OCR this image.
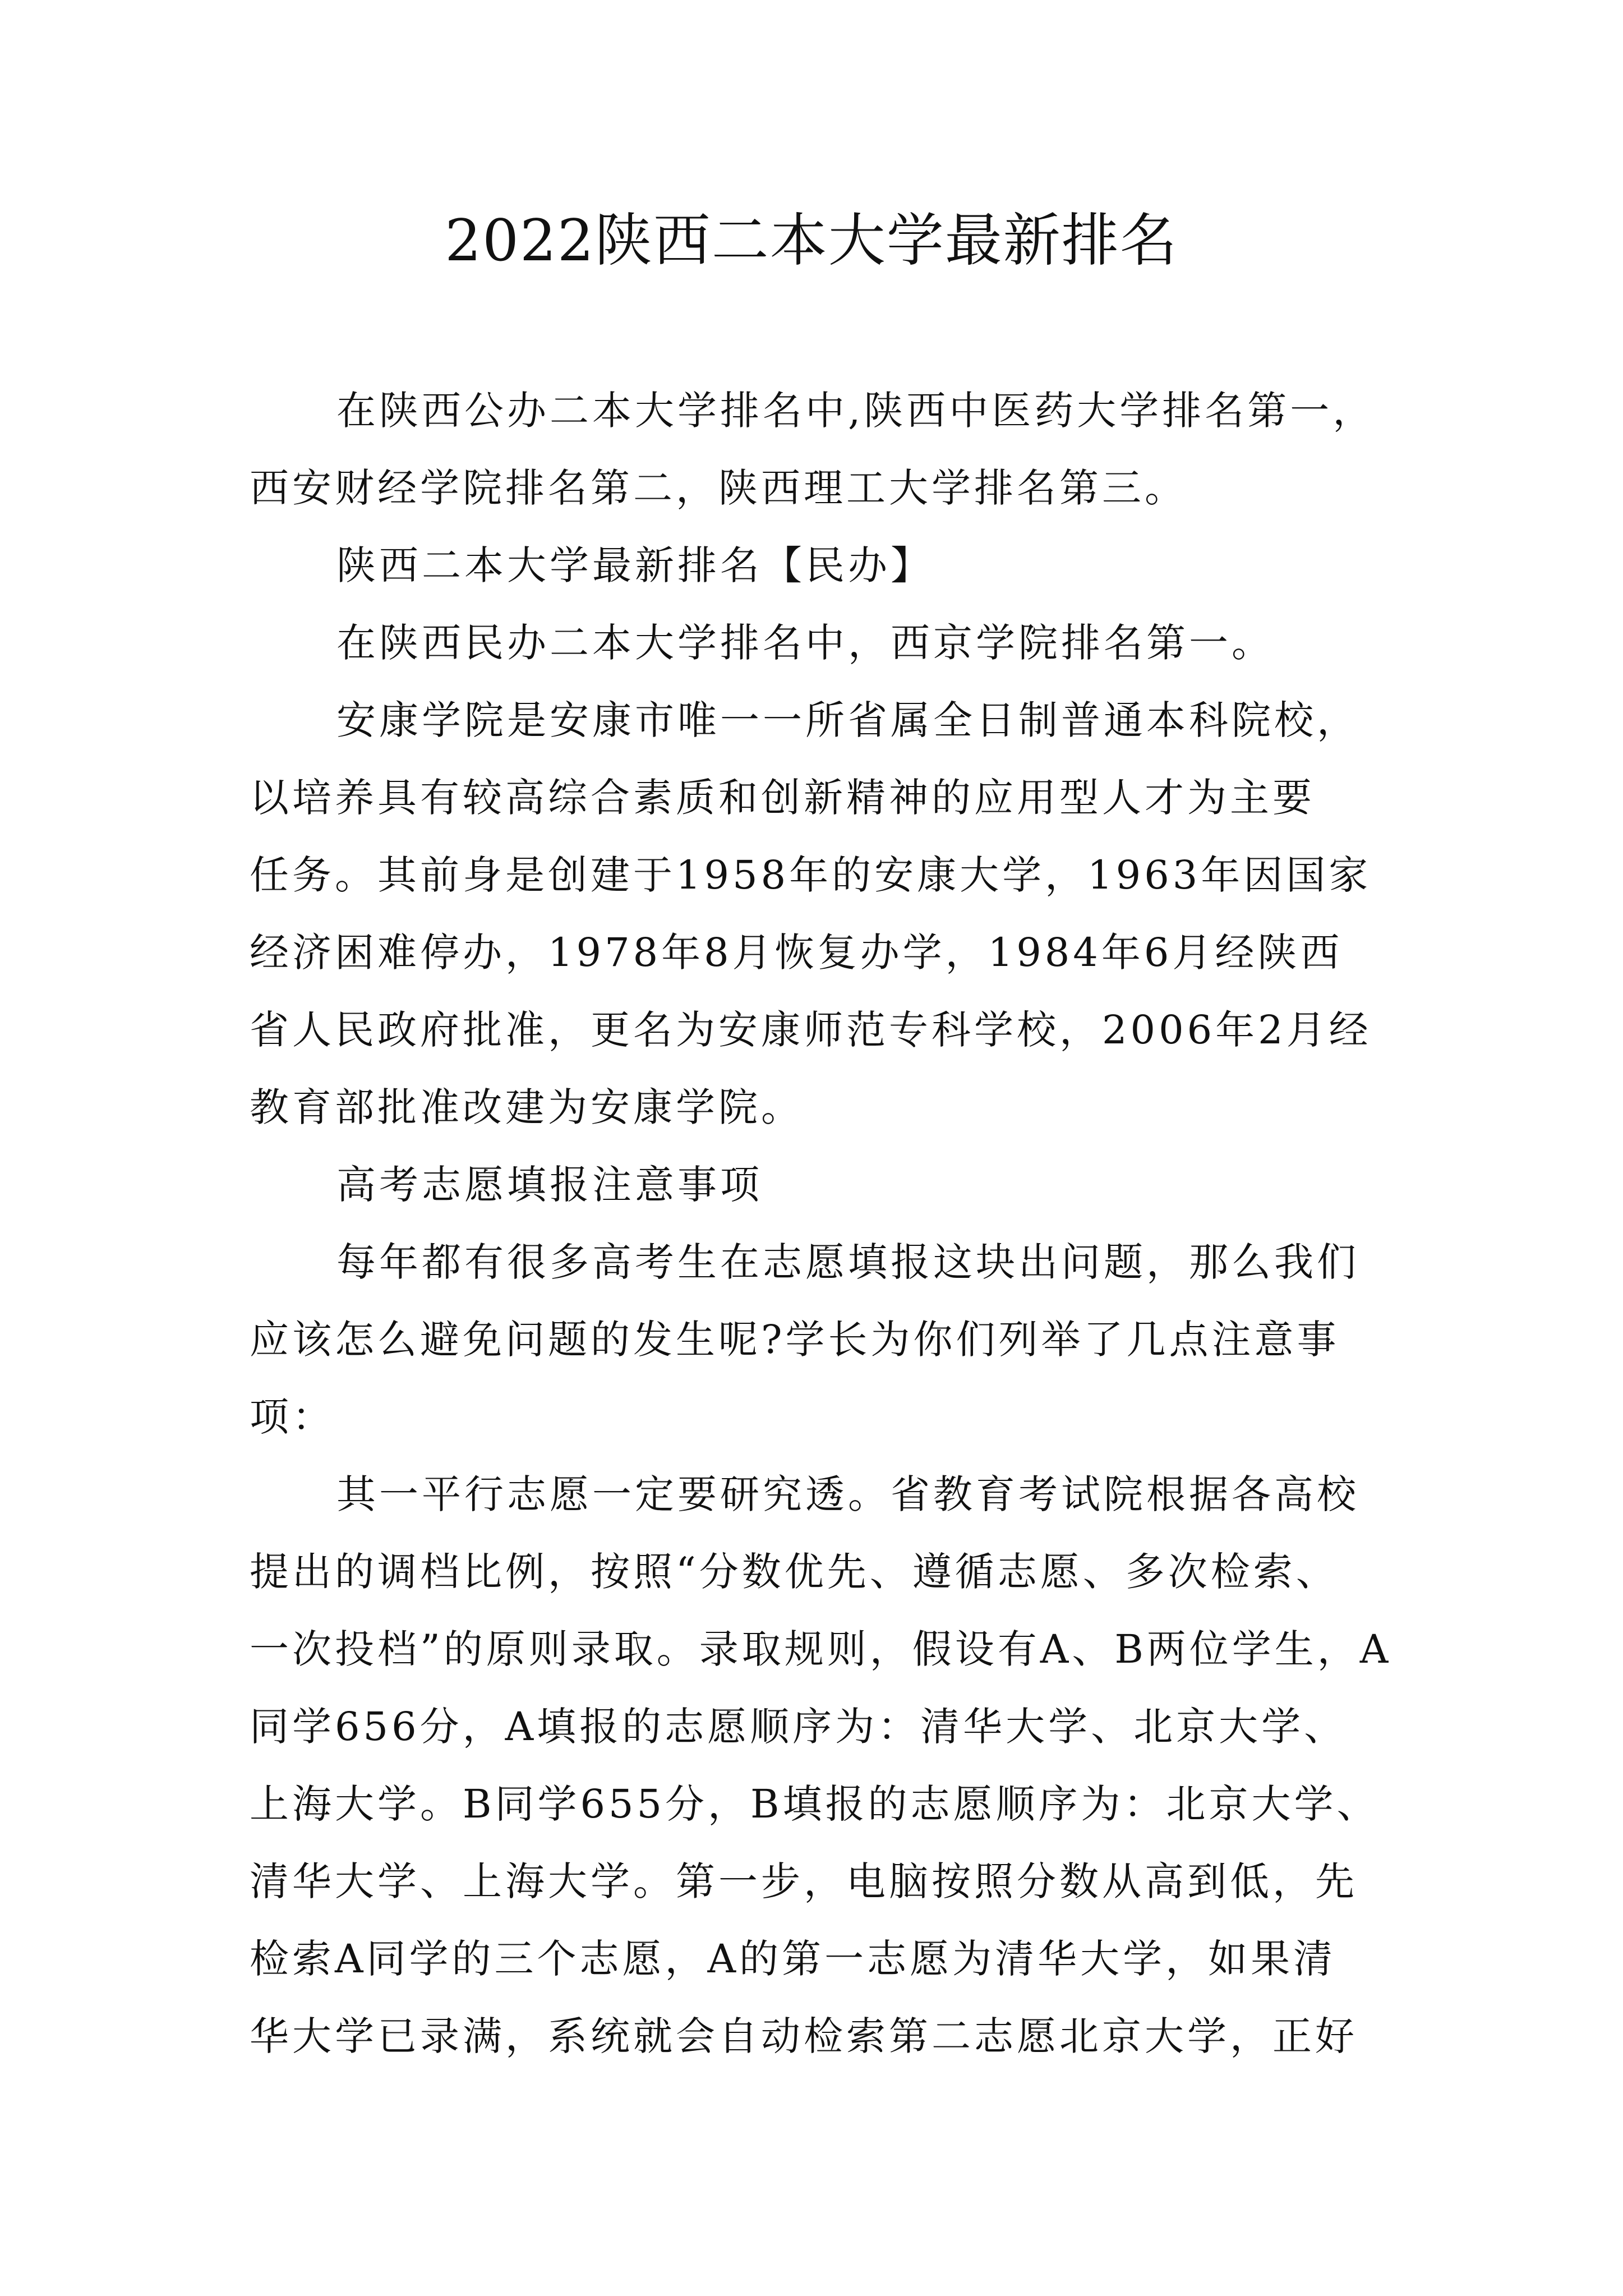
2022陕西二本大学最新排名
在陕西公办二本大学排名中,陕西中医药大学排名第一，
西安财经学院排名第二，陕西理工大学排名第三。
陕西二本大学最新排名【民办】
在陕西民办二本大学排名中，西京学院排名第一。
安康学院是安康市唯一一所省属全日制普通本科院校，
以培养具有较高综合素质和创新精神的应用型人才为主要
任务。其前身是创建于1958年的安康大学，1963年因国家
经济困难停办，1978年8月恢复办学，1984年6月经陕西
省人民政府批准，更名为安康师范专科学校，2006年2月经
教育部批准改建为安康学院。
高考志愿填报注意事项
每年都有很多高考生在志愿填报这块出问题，那么我们
应该怎么避免问题的发生呢?学长为你们列举了几点注意事
项：
其一平行志愿一定要研究透。省教育考试院根据各高校
提出的调档比例，按照“分数优先、遵循志愿、多次检索、
一次投档”的原则录取。录取规则，假设有A、B两位学生，A
同学656分，A填报的志愿顺序为：清华大学、北京大学、
上海大学。B同学655分，B填报的志愿顺序为：北京大学、
清华大学、上海大学。第一步，电脑按照分数从高到低，先
检索A同学的三个志愿，A的第一志愿为清华大学，如果清
华大学已录满，系统就会自动检索第二志愿北京大学，正好
